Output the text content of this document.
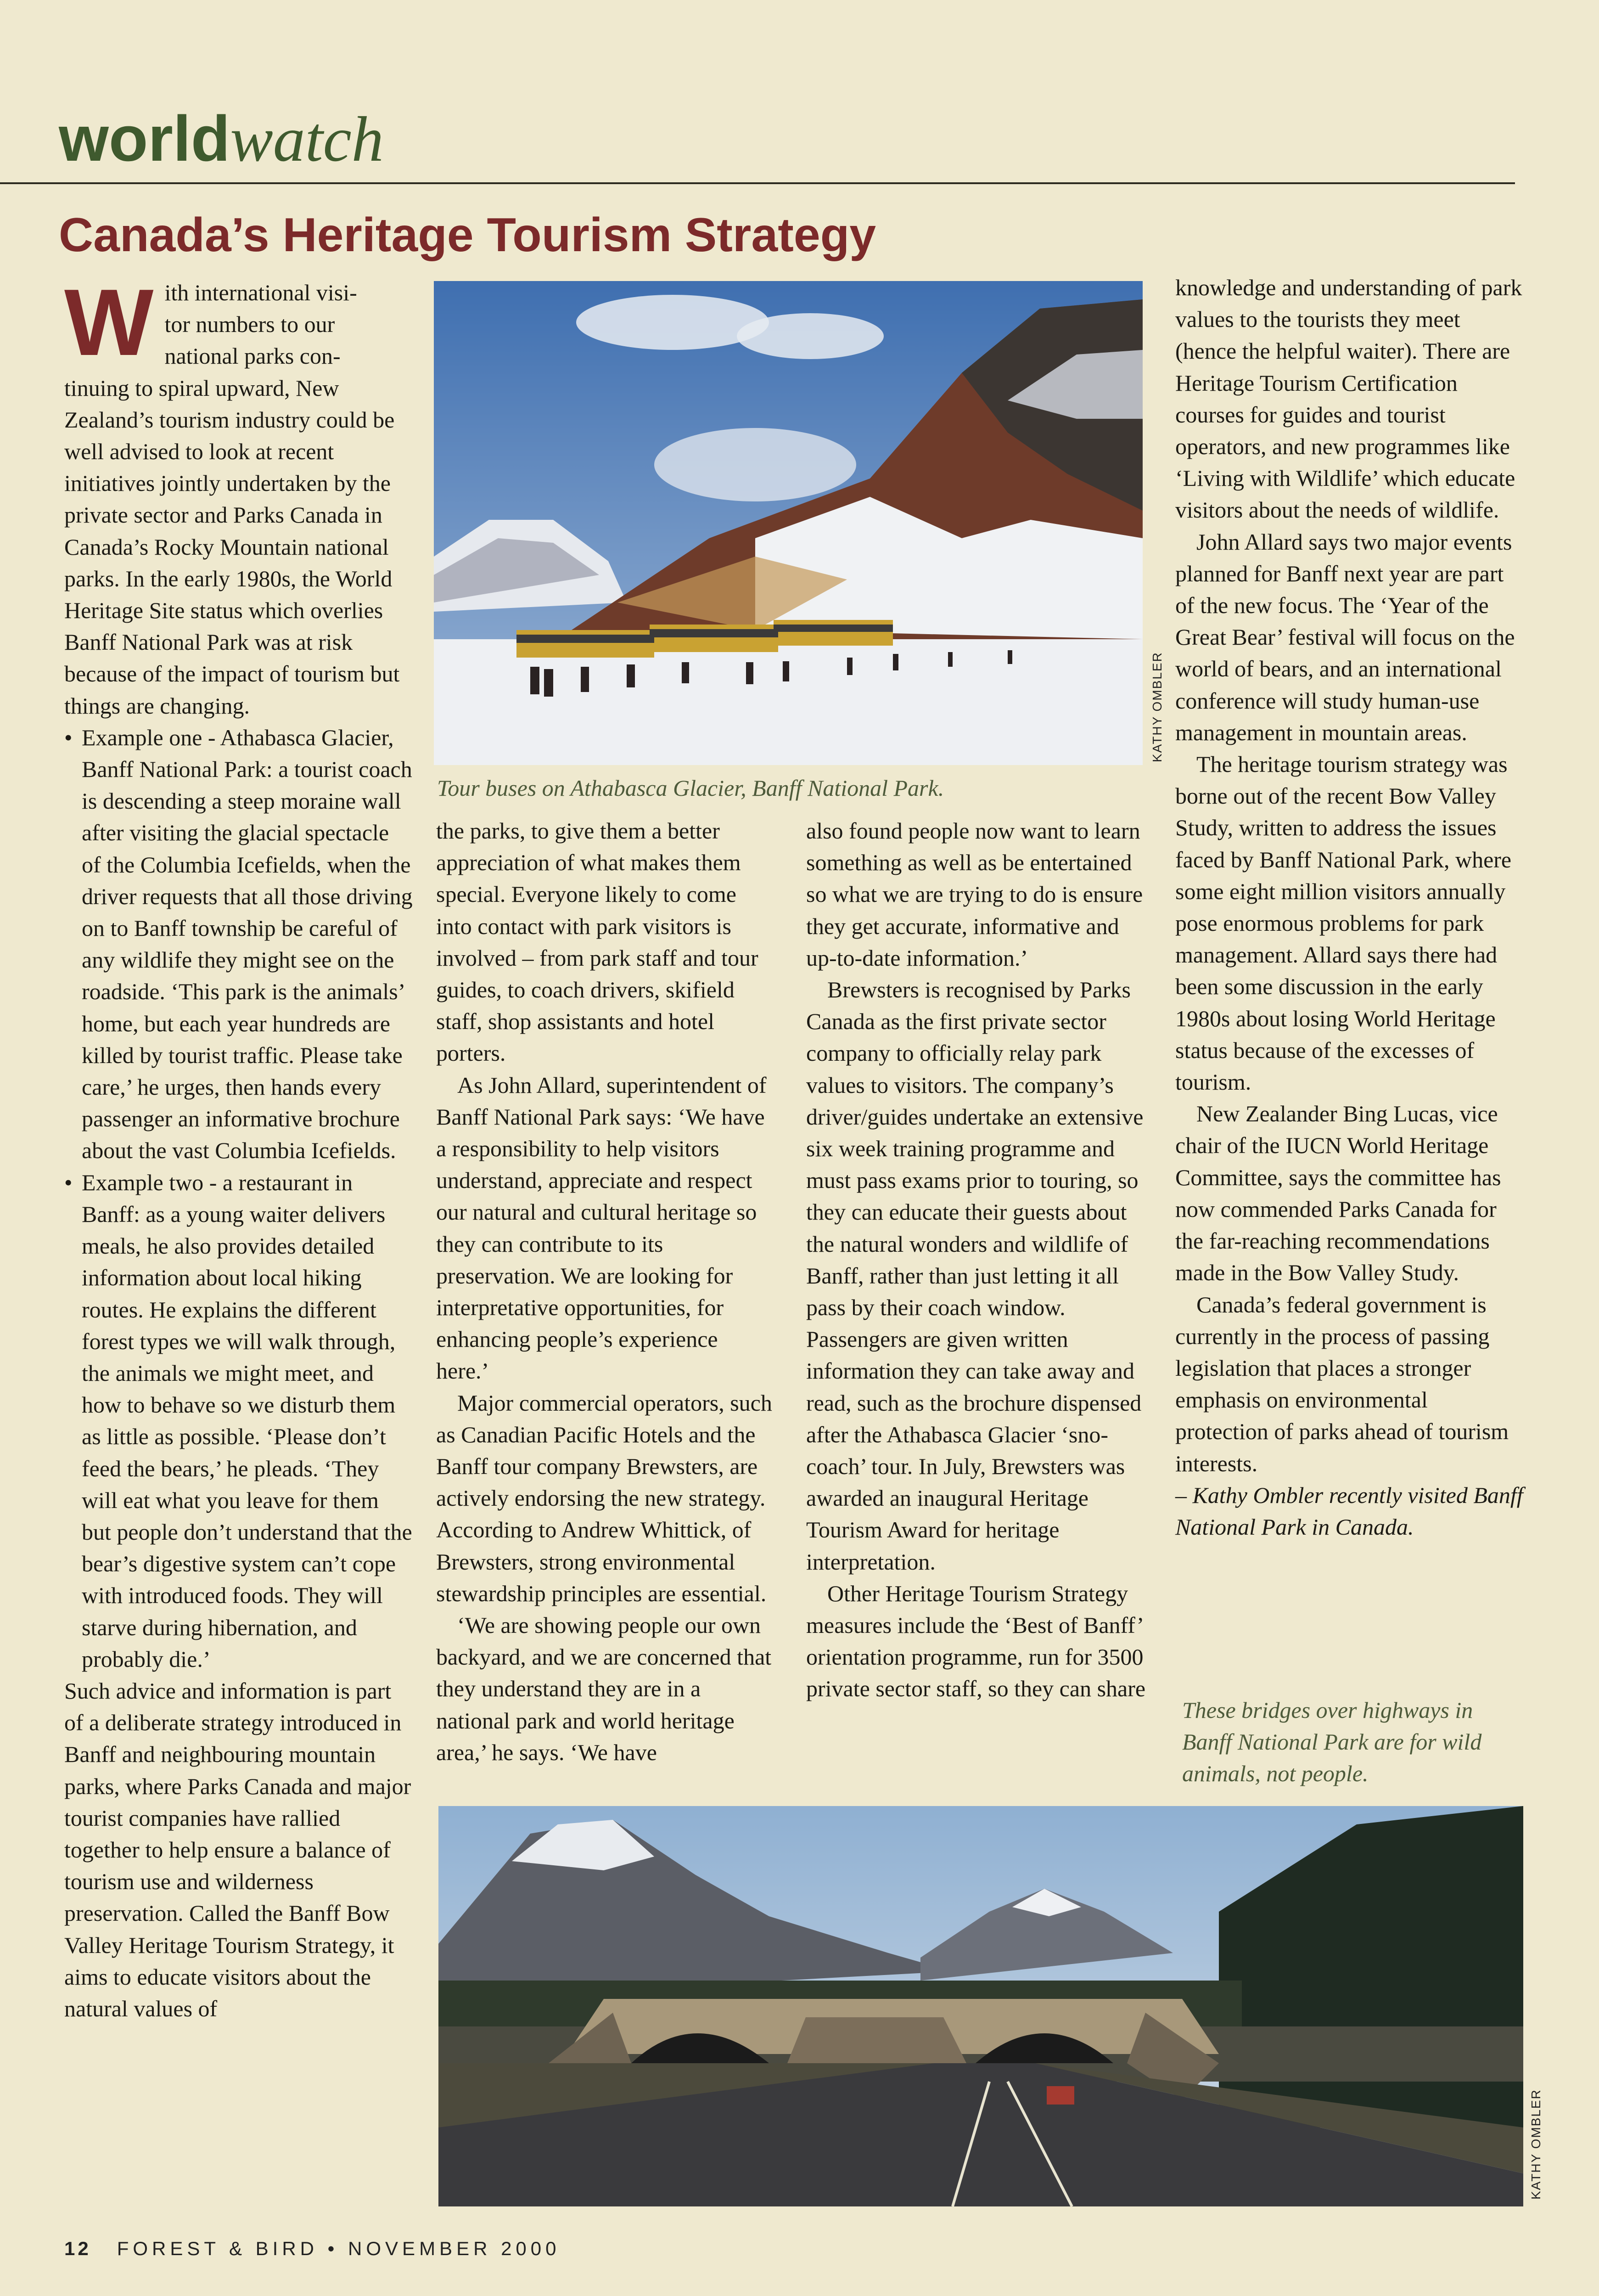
worldwatch
Canada’s Heritage Tourism Strategy
W ith international visi-
tor numbers to our
national parks con-

tinuing to spiral upward, New Zealand’s tourism industry could be well advised to look at recent initiatives jointly undertaken by the private sector and Parks Canada in Canada’s Rocky Mountain national parks. In the early 1980s, the World Heritage Site status which overlies Banff National Park was at risk because of the impact of tourism but things are changing.

• Example one - Athabasca Glacier, Banff National Park: a tourist coach is descending a steep moraine wall after visiting the glacial spectacle of the Columbia Icefields, when the driver requests that all those driving on to Banff township be careful of any wildlife they might see on the roadside. ‘This park is the animals’ home, but each year hundreds are killed by tourist traffic. Please take care,’ he urges, then hands every passenger an informative brochure about the vast Columbia Icefields.
• Example two - a restaurant in Banff: as a young waiter delivers meals, he also provides detailed information about local hiking routes. He explains the different forest types we will walk through, the animals we might meet, and how to behave so we disturb them as little as possible. ‘Please don’t feed the bears,’ he pleads. ‘They will eat what you leave for them but people don’t understand that the bear’s digestive system can’t cope with introduced foods. They will starve during hibernation, and probably die.’

Such advice and information is part of a deliberate strategy introduced in Banff and neighbouring mountain parks, where Parks Canada and major tourist companies have rallied together to help ensure a balance of tourism use and wilderness preservation. Called the Banff Bow Valley Heritage Tourism Strategy, it aims to educate visitors about the natural values of

KATHY OMBLER
Tour buses on Athabasca Glacier, Banff National Park.

the parks, to give them a better appreciation of what makes them special. Everyone likely to come into contact with park visitors is involved – from park staff and tour guides, to coach drivers, skifield staff, shop assistants and hotel porters.

As John Allard, superintendent of Banff National Park says: ‘We have a responsibility to help visitors understand, appreciate and respect our natural and cultural heritage so they can contribute to its preservation. We are looking for interpretative opportunities, for enhancing people’s experience here.’

Major commercial operators, such as Canadian Pacific Hotels and the Banff tour company Brewsters, are actively endorsing the new strategy. According to Andrew Whittick, of Brewsters, strong environmental stewardship principles are essential.

‘We are showing people our own backyard, and we are concerned that they understand they are in a national park and world heritage area,’ he says. ‘We have

also found people now want to learn something as well as be entertained so what we are trying to do is ensure they get accurate, informative and up-to-date information.’

Brewsters is recognised by Parks Canada as the first private sector company to officially relay park values to visitors. The company’s driver/guides undertake an extensive six week training programme and must pass exams prior to touring, so they can educate their guests about the natural wonders and wildlife of Banff, rather than just letting it all pass by their coach window. Passengers are given written information they can take away and read, such as the brochure dispensed after the Athabasca Glacier ‘sno-coach’ tour. In July, Brewsters was awarded an inaugural Heritage Tourism Award for heritage interpretation.

Other Heritage Tourism Strategy measures include the ‘Best of Banff’ orientation programme, run for 3500 private sector staff, so they can share

knowledge and understanding of park values to the tourists they meet (hence the helpful waiter). There are Heritage Tourism Certification courses for guides and tourist operators, and new programmes like ‘Living with Wildlife’ which educate visitors about the needs of wildlife.

John Allard says two major events planned for Banff next year are part of the new focus. The ‘Year of the Great Bear’ festival will focus on the world of bears, and an international conference will study human-use management in mountain areas.

The heritage tourism strategy was borne out of the recent Bow Valley Study, written to address the issues faced by Banff National Park, where some eight million visitors annually pose enormous problems for park management. Allard says there had been some discussion in the early 1980s about losing World Heritage status because of the excesses of tourism.

New Zealander Bing Lucas, vice chair of the IUCN World Heritage Committee, says the committee has now commended Parks Canada for the far-reaching recommendations made in the Bow Valley Study.

Canada’s federal government is currently in the process of passing legislation that places a stronger emphasis on environmental protection of parks ahead of tourism interests.

– Kathy Ombler recently visited Banff National Park in Canada.

These bridges over highways in Banff National Park are for wild animals, not people.
KATHY OMBLER
12 FOREST & BIRD • NOVEMBER 2000
